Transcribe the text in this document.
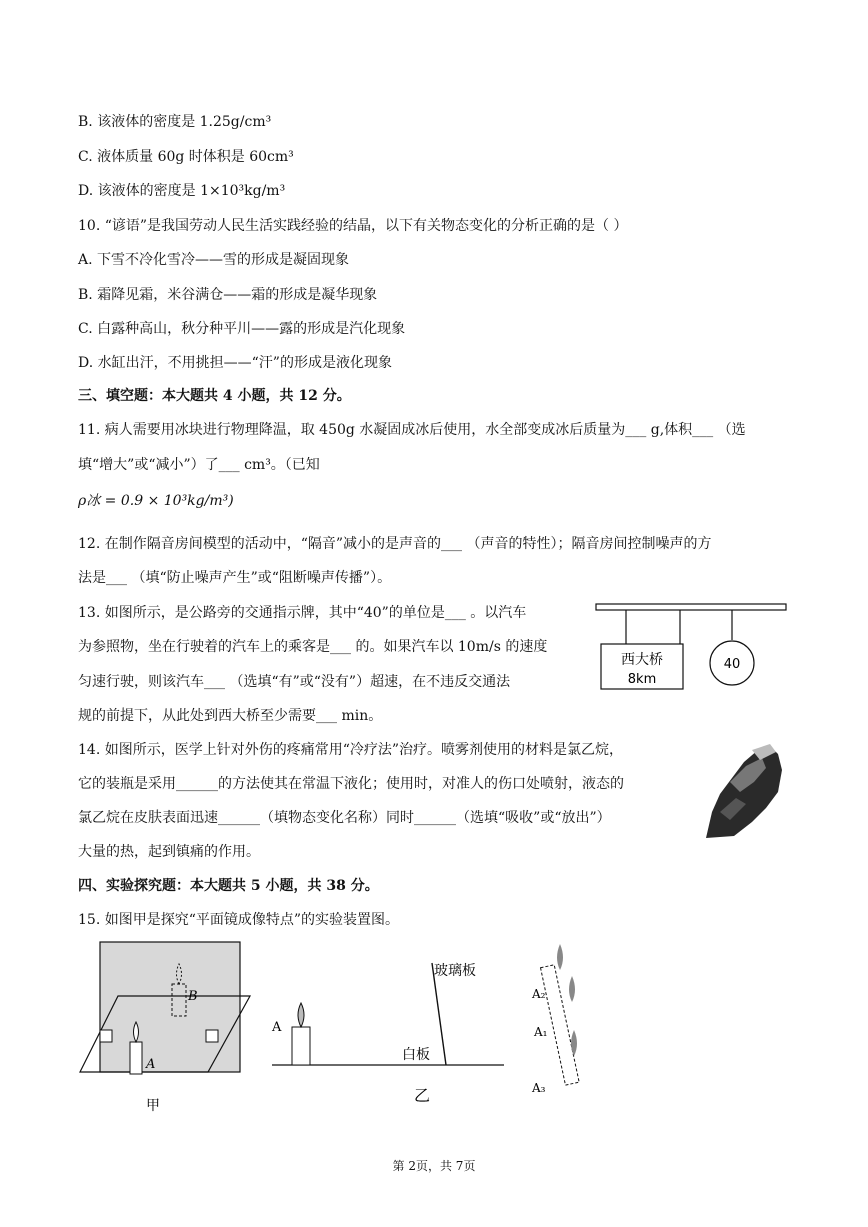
B. 该液体的密度是 1.25g/cm³
C. 液体质量 60g 时体积是 60cm³
D. 该液体的密度是 1×10³kg/m³
10. “谚语”是我国劳动人民生活实践经验的结晶，以下有关物态变化的分析正确的是（ ）
A. 下雪不冷化雪冷——雪的形成是凝固现象
B. 霜降见霜，米谷满仓——霜的形成是凝华现象
C. 白露种高山，秋分种平川——露的形成是汽化现象
D. 水缸出汗，不用挑担——“汗”的形成是液化现象
三、填空题：本大题共 4 小题，共 12 分。
11. 病人需要用冰块进行物理降温，取 450g 水凝固成冰后使用，水全部变成冰后质量为___ g,体积___ （选
填“增大”或“减小”）了___ cm³。（已知
ρ冰 = 0.9 × 10³kg/m³)
12. 在制作隔音房间模型的活动中，“隔音”减小的是声音的___ （声音的特性）；隔音房间控制噪声的方
法是___ （填“防止噪声产生”或“阻断噪声传播”）。
13. 如图所示，是公路旁的交通指示牌，其中“40”的单位是___ 。以汽车
为参照物，坐在行驶着的汽车上的乘客是___ 的。如果汽车以 10m/s 的速度
匀速行驶，则该汽车___ （选填“有”或“没有”）超速，在不违反交通法
规的前提下，从此处到西大桥至少需要___ min。
14. 如图所示，医学上针对外伤的疼痛常用“冷疗法”治疗。喷雾剂使用的材料是氯乙烷，
它的装瓶是采用______的方法使其在常温下液化；使用时，对准人的伤口处喷射，液态的
氯乙烷在皮肤表面迅速______（填物态变化名称）同时______（选填“吸收”或“放出”）
大量的热，起到镇痛的作用。
四、实验探究题：本大题共 5 小题，共 38 分。
15. 如图甲是探究“平面镜成像特点”的实验装置图。
西大桥
8km
40
B
A
甲
玻璃板
白板
A
乙
A₂
A₁
A₃
第 2页，共 7页
